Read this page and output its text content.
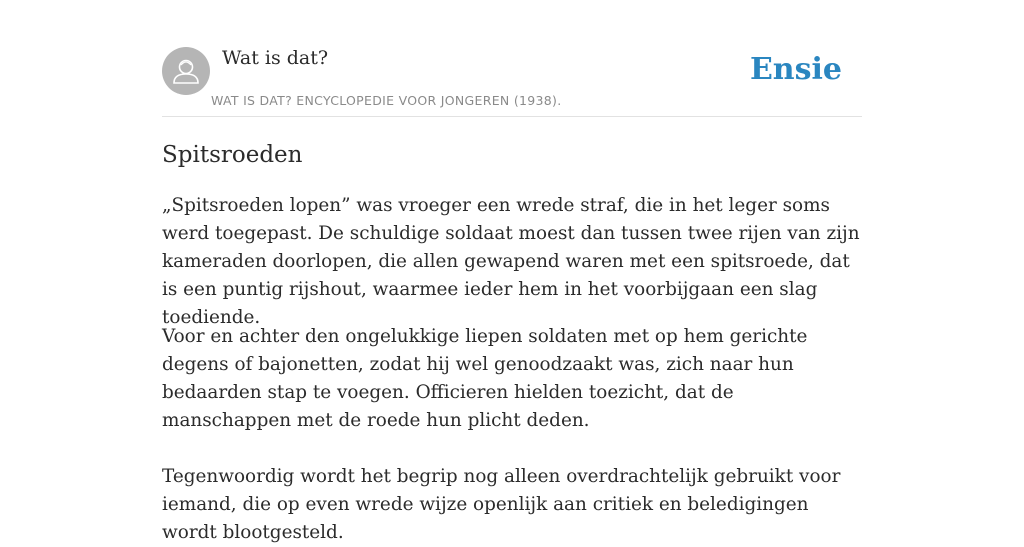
Wat is dat?
WAT IS DAT? ENCYCLOPEDIE VOOR JONGEREN (1938).
Ensie
Spitsroeden

„Spitsroeden lopen” was vroeger een wrede straf, die in het leger soms werd toegepast. De schuldige soldaat moest dan tussen twee rijen van zijn kameraden doorlopen, die allen gewapend waren met een spitsroede, dat is een puntig rijshout, waarmee ieder hem in het voorbijgaan een slag toediende.

Voor en achter den ongelukkige liepen soldaten met op hem gerichte degens of bajonetten, zodat hij wel genoodzaakt was, zich naar hun bedaarden stap te voegen. Officieren hielden toezicht, dat de manschappen met de roede hun plicht deden.

Tegenwoordig wordt het begrip nog alleen overdrachtelijk gebruikt voor iemand, die op even wrede wijze openlijk aan critiek en beledigingen wordt blootgesteld.
